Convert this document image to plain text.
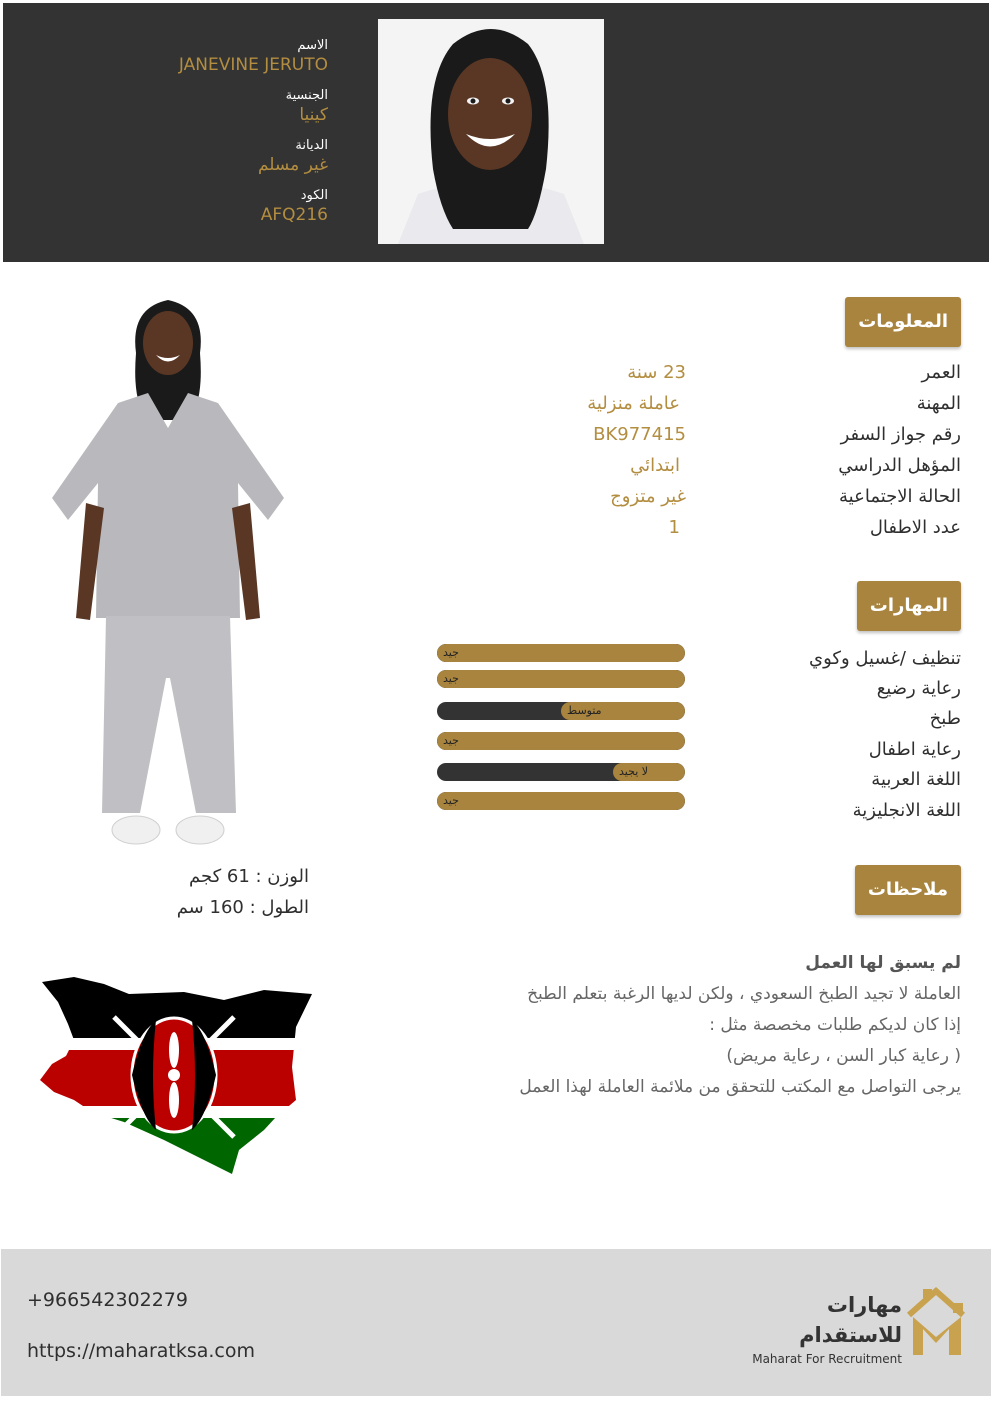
الاسم

JANEVINE JERUTO

الجنسية

كينيا

الديانة

غير مسلم

الكود

AFQ216

المعلومات
العمر
23 سنة
المهنة
عاملة منزلية
رقم جواز السفر
BK977415
المؤهل الدراسي
ابتدائي
الحالة الاجتماعية
غير متزوج
عدد الاطفال
1
المهارات
تنظيف /غسيل وكوي
رعاية رضيع
طبخ
رعاية اطفال
اللغة العربية
اللغة الانجليزية
جيد
جيد
متوسط
جيد
لا يجيد
جيد
ملاحظات
لم يسبق لها العمل
العاملة لا تجيد الطبخ السعودي ، ولكن لديها الرغبة بتعلم الطبخ
إذا كان لديكم طلبات مخصصة مثل :
( رعاية كبار السن ، رعاية مريض)
يرجى التواصل مع المكتب للتحقق من ملائمة العاملة لهذا العمل
الوزن : 61 كجم
الطول : 160 سم
+966542302279
https://maharatksa.com
مهارات للاستقدام
Maharat For Recruitment
